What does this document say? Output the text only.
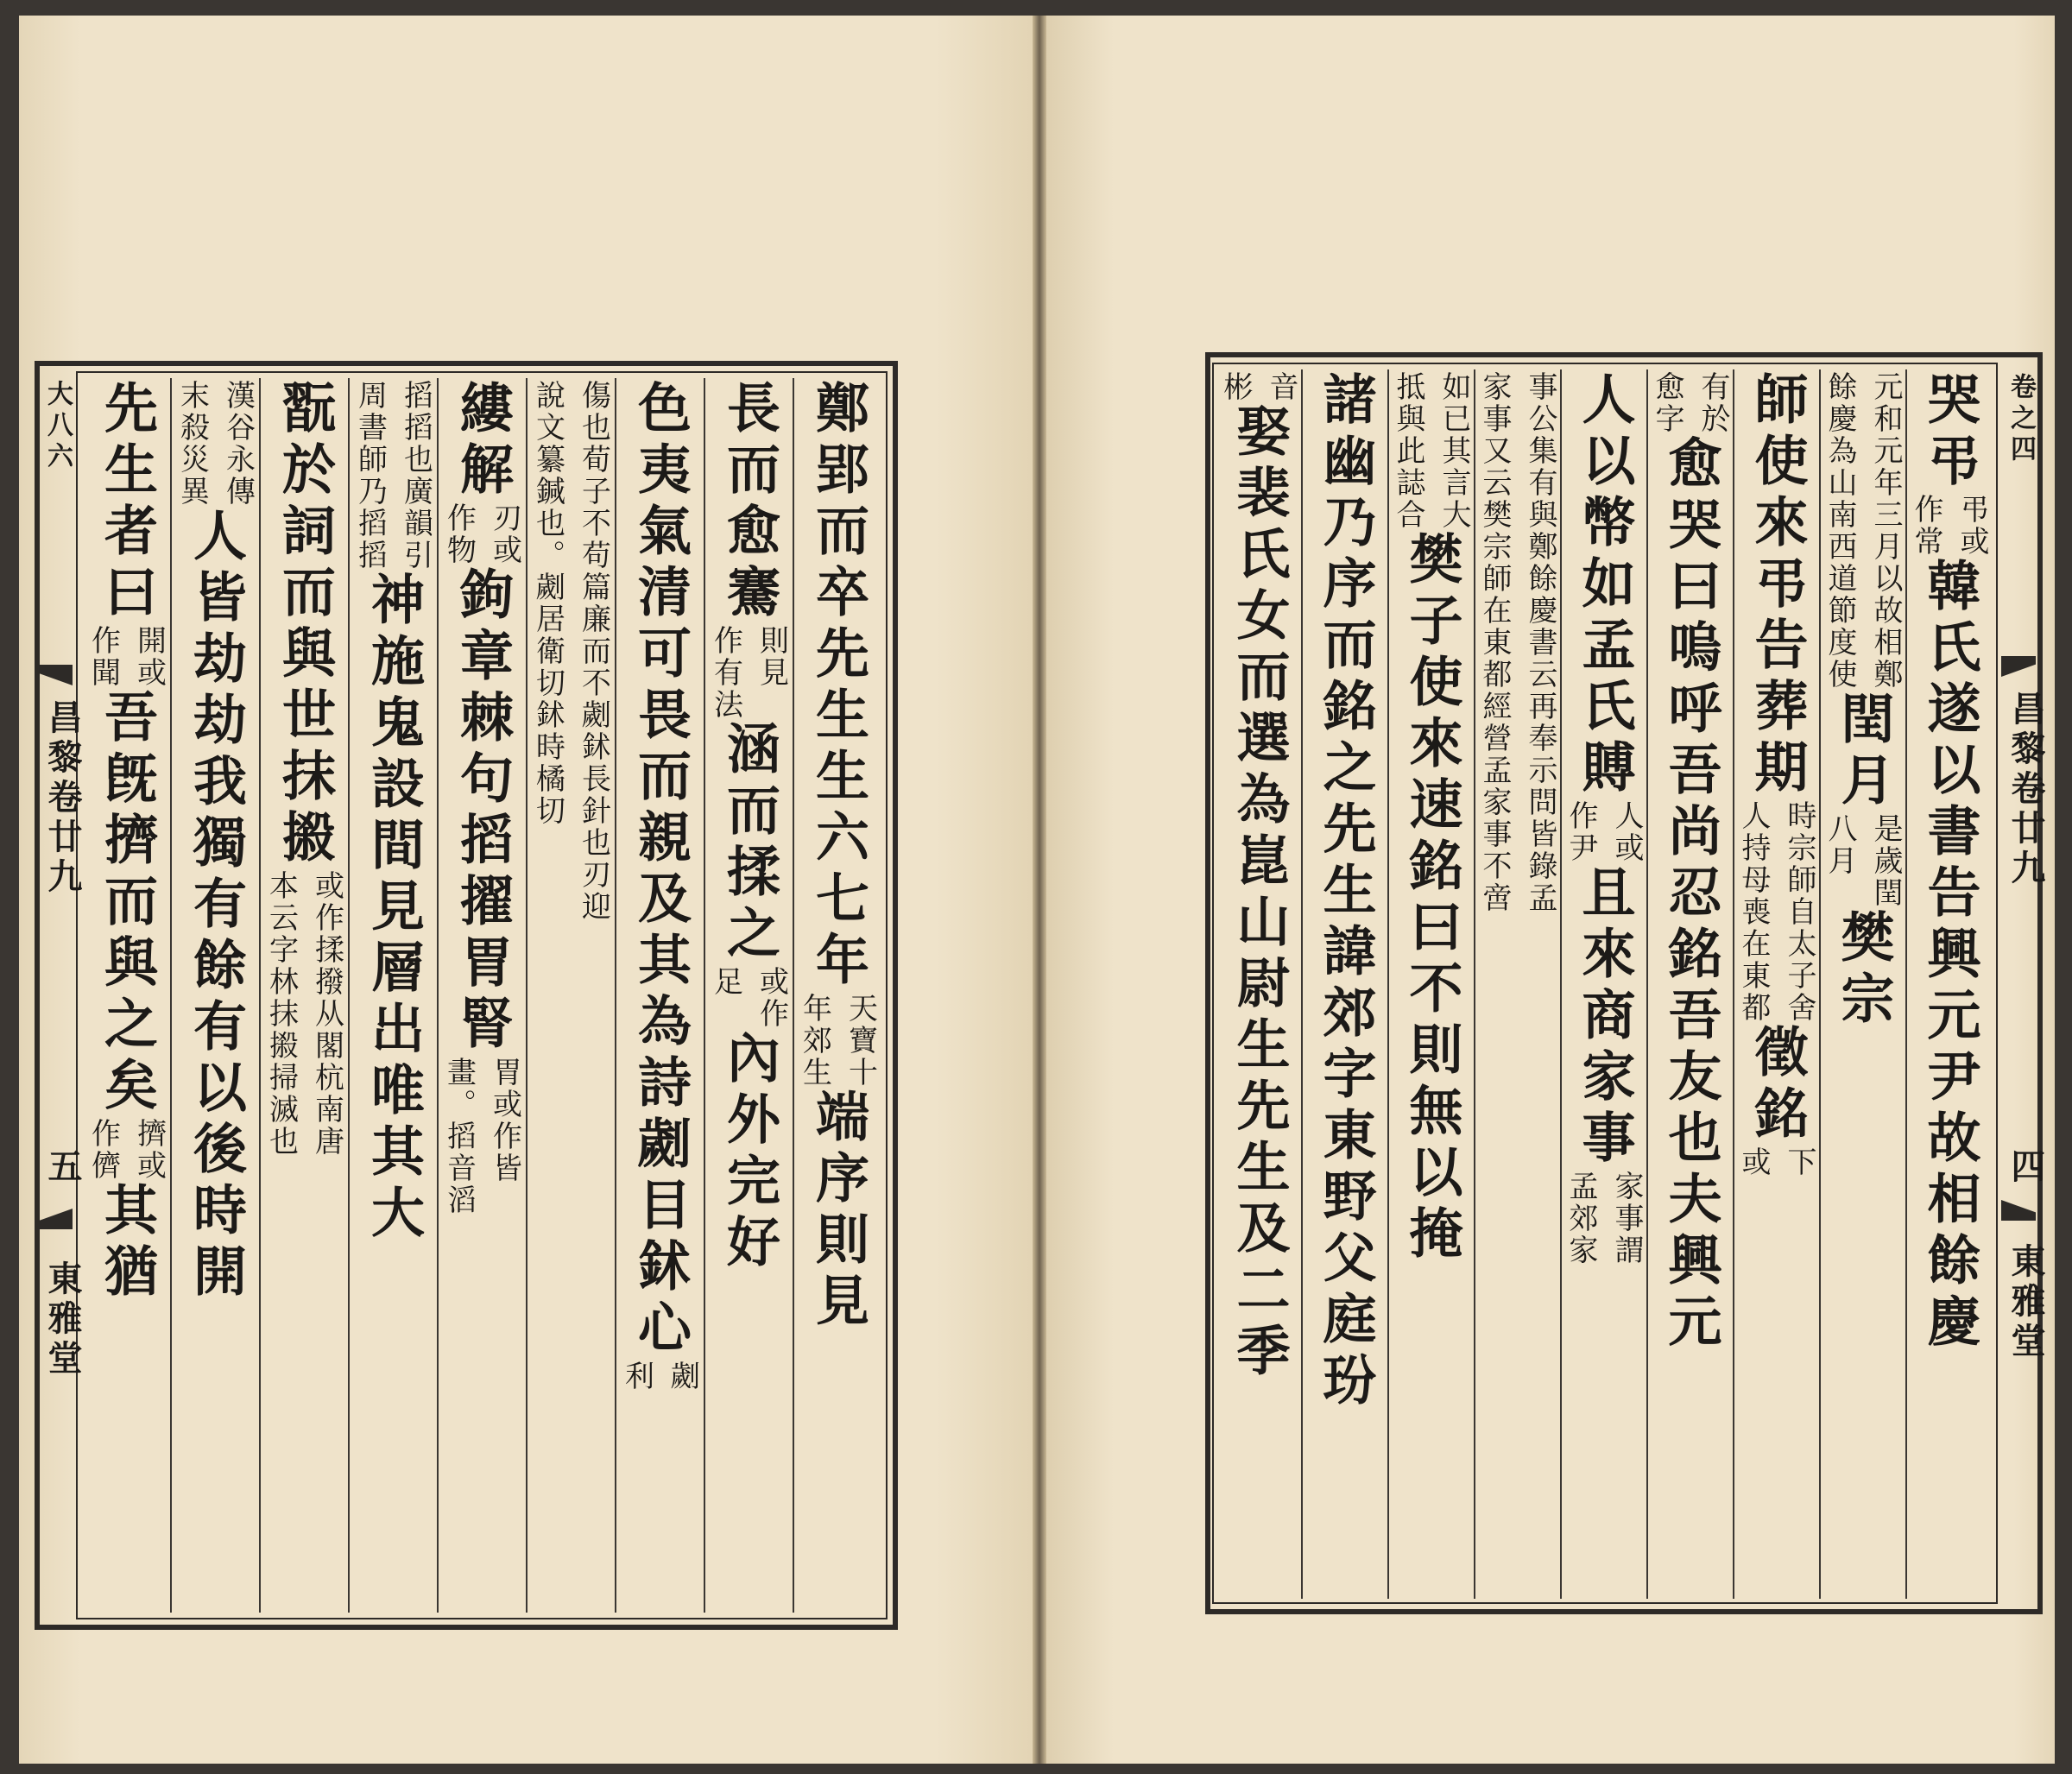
大八六
昌黎卷廿九
五
東雅堂
鄭郢而卒先生生六七年
天寶十
年郊生
端序則見
長而愈騫
則見
作有法
涵而揉之
或作
足
內外完好
色夷氣清可畏而親及其為詩劌目鉥心
劌
利
傷也荀子不苟篇廉而不劌鉥長針也刃迎
說文纂鍼也。劌居衛切鉥時橘切
縷解
刃或
作物
鉤章棘句搯擢胃腎
胃或作皆
畫。搯音滔
搯搯也廣韻引
周書師乃搯搯
神施鬼設間見層出唯其大
翫於詞而與世抹摋
或作揉撥从閣杭南唐
本云字林抹摋掃滅也
漢谷永傳
末殺災異
人皆劫劫我獨有餘有以後時開
先生者曰
開或
作聞
吾旣擠而與之矣
擠或
作儕
其猶
卷之四
昌黎卷廿九
四
東雅堂
哭弔
弔或
作常
韓氏遂以書告興元尹故相餘慶
元和元年三月以故相鄭
餘慶為山南西道節度使
閏月
是歲閏
八月
樊宗
師使來弔告葬期
時宗師自太子舍
人持母喪在東都
徵銘
下
或
有於
愈字
愈哭曰嗚呼吾尚忍銘吾友也夫興元
人以幣如孟氏賻
人或
作尹
且來商家事
家事謂
孟郊家
事公集有與鄭餘慶書云再奉示問皆錄孟
家事又云樊宗師在東都經營孟家事不啻
如已其言大
抵與此誌合
樊子使來速銘曰不則無以掩
諸幽乃序而銘之先生諱郊字東野父庭玢
音
彬
娶裴氏女而選為崑山尉生先生及二季
